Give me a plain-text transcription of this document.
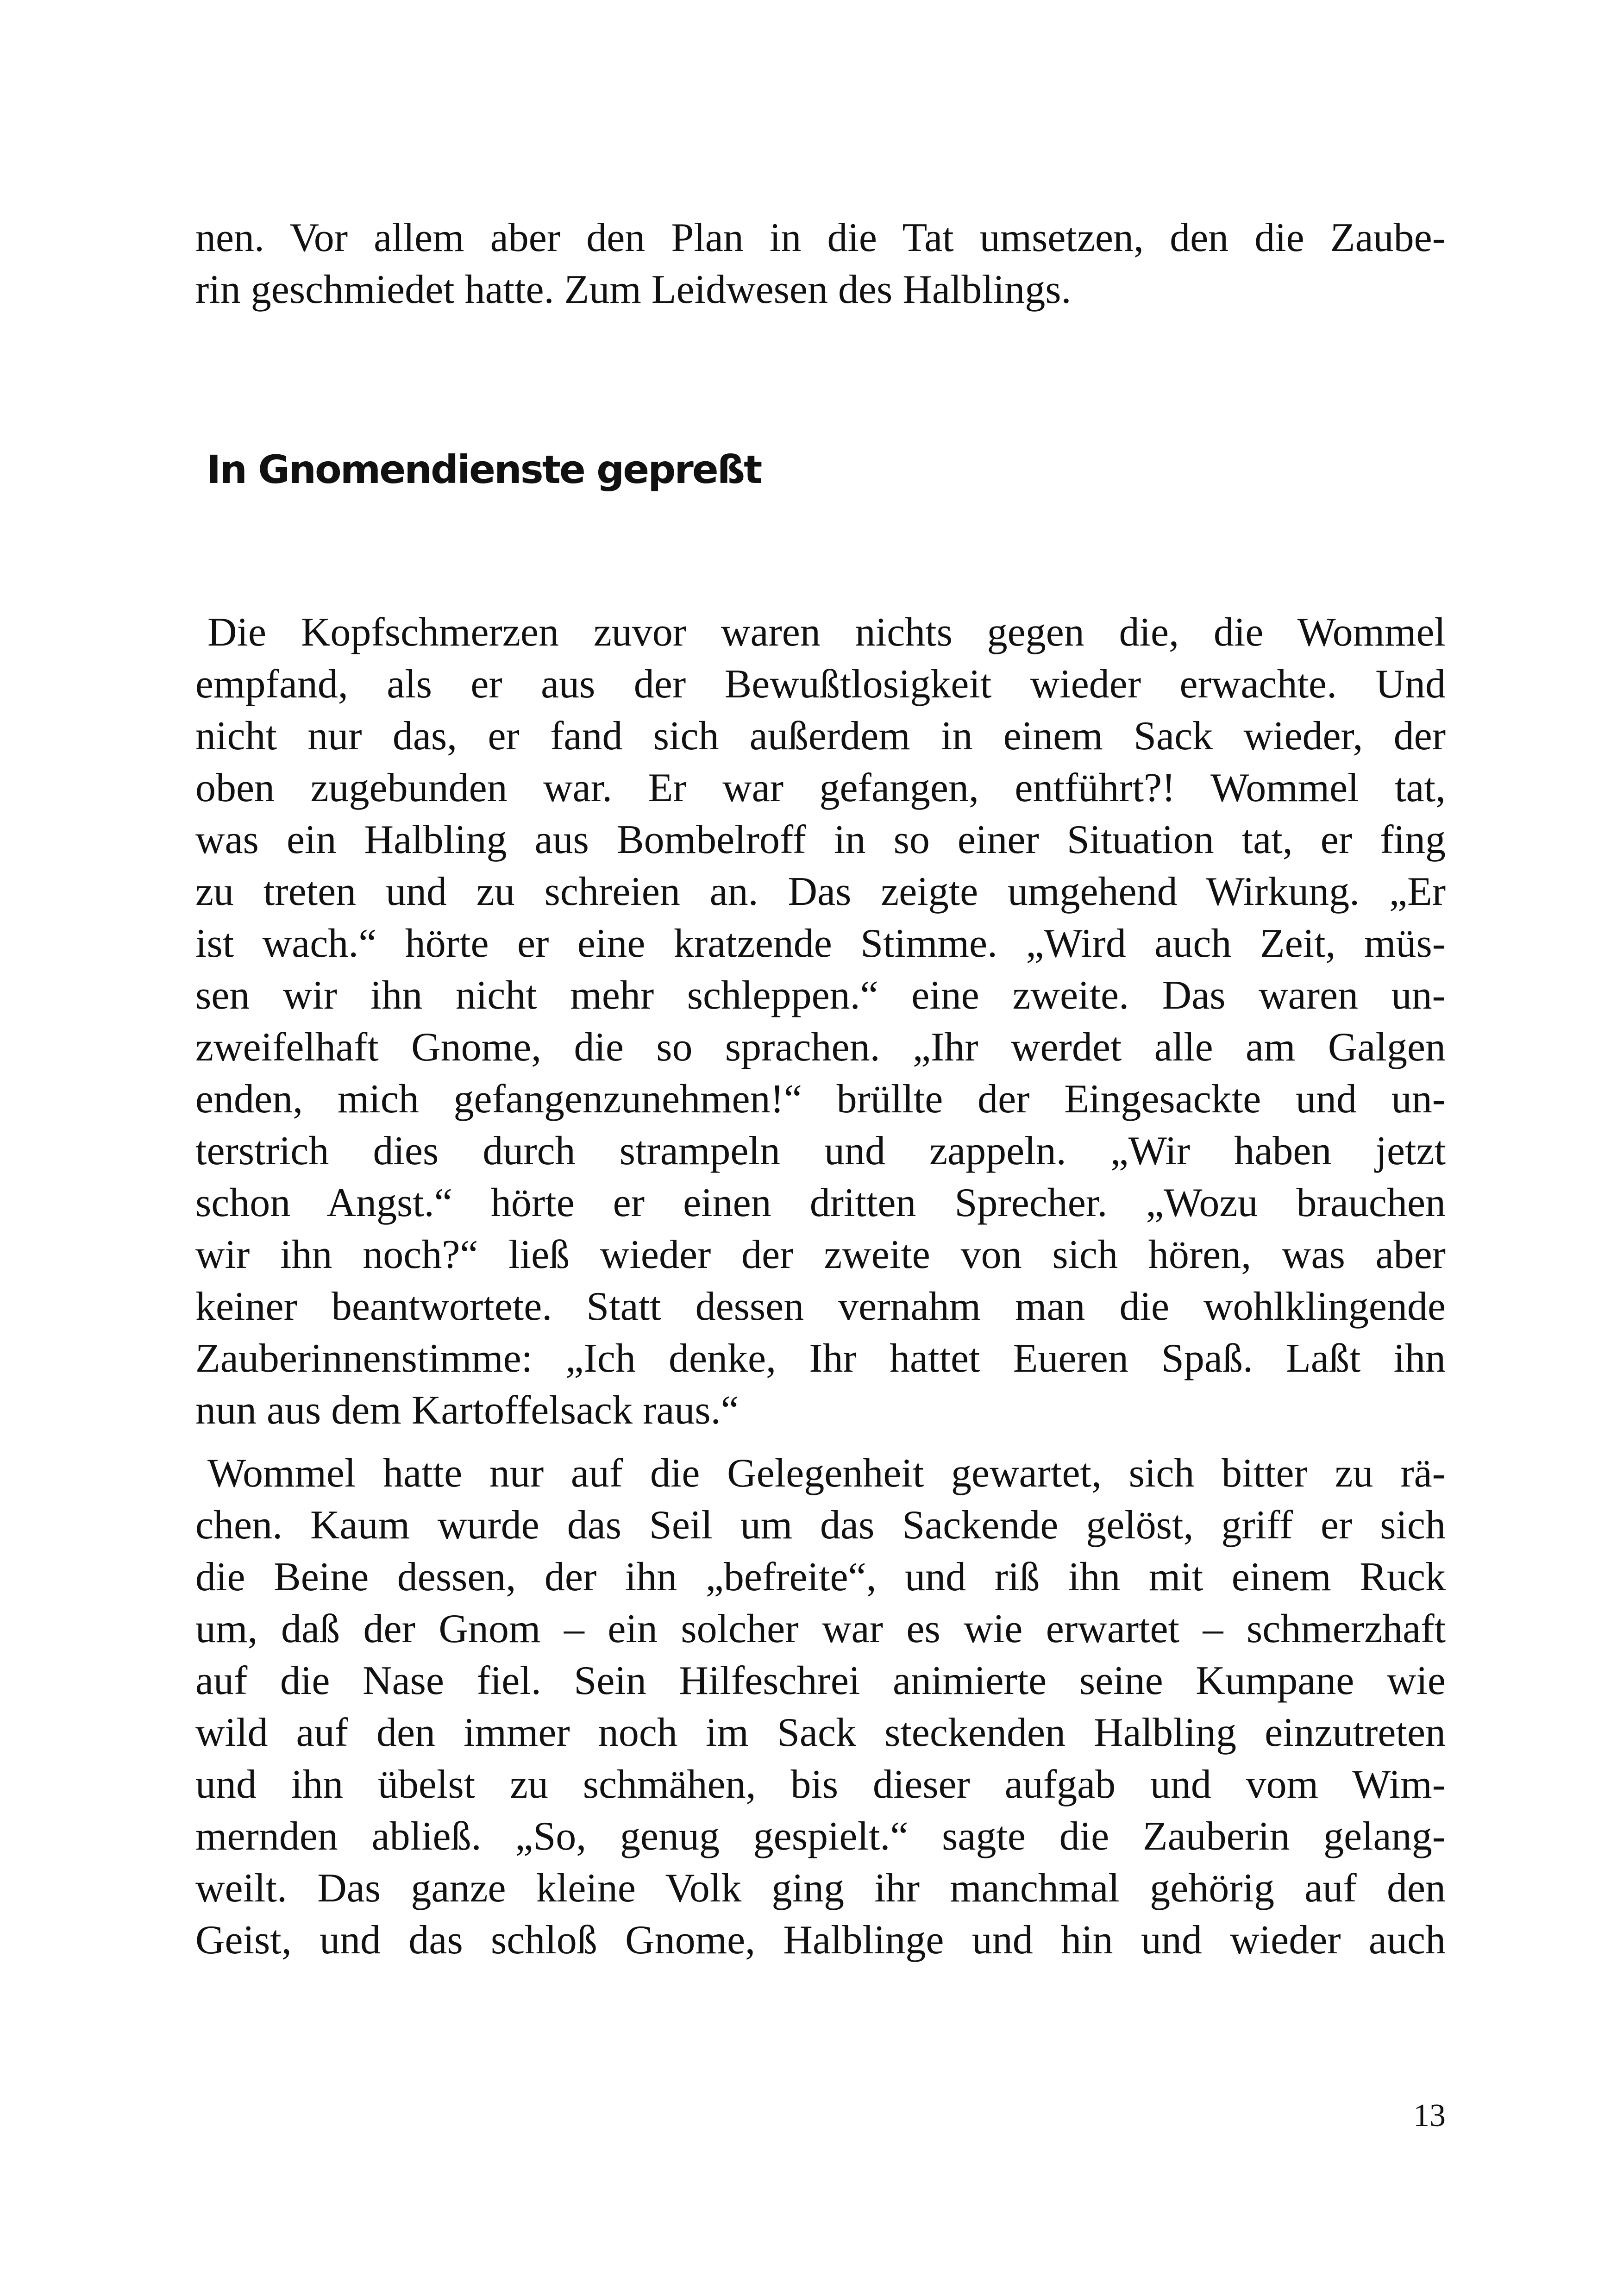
nen. Vor allem aber den Plan in die Tat umsetzen, den die Zaube-
rin geschmiedet hatte. Zum Leidwesen des Halblings.
In Gnomendienste gepreßt
Die Kopfschmerzen zuvor waren nichts gegen die, die Wommel
empfand, als er aus der Bewußtlosigkeit wieder erwachte. Und
nicht nur das, er fand sich außerdem in einem Sack wieder, der
oben zugebunden war. Er war gefangen, entführt?! Wommel tat,
was ein Halbling aus Bombelroff in so einer Situation tat, er fing
zu treten und zu schreien an. Das zeigte umgehend Wirkung. „Er
ist wach.“ hörte er eine kratzende Stimme. „Wird auch Zeit, müs-
sen wir ihn nicht mehr schleppen.“ eine zweite. Das waren un-
zweifelhaft Gnome, die so sprachen. „Ihr werdet alle am Galgen
enden, mich gefangenzunehmen!“ brüllte der Eingesackte und un-
terstrich dies durch strampeln und zappeln. „Wir haben jetzt
schon Angst.“ hörte er einen dritten Sprecher. „Wozu brauchen
wir ihn noch?“ ließ wieder der zweite von sich hören, was aber
keiner beantwortete. Statt dessen vernahm man die wohlklingende
Zauberinnenstimme: „Ich denke, Ihr hattet Eueren Spaß. Laßt ihn
nun aus dem Kartoffelsack raus.“
Wommel hatte nur auf die Gelegenheit gewartet, sich bitter zu rä-
chen. Kaum wurde das Seil um das Sackende gelöst, griff er sich
die Beine dessen, der ihn „befreite“, und riß ihn mit einem Ruck
um, daß der Gnom – ein solcher war es wie erwartet – schmerzhaft
auf die Nase fiel. Sein Hilfeschrei animierte seine Kumpane wie
wild auf den immer noch im Sack steckenden Halbling einzutreten
und ihn übelst zu schmähen, bis dieser aufgab und vom Wim-
mernden abließ. „So, genug gespielt.“ sagte die Zauberin gelang-
weilt. Das ganze kleine Volk ging ihr manchmal gehörig auf den
Geist, und das schloß Gnome, Halblinge und hin und wieder auch
13
